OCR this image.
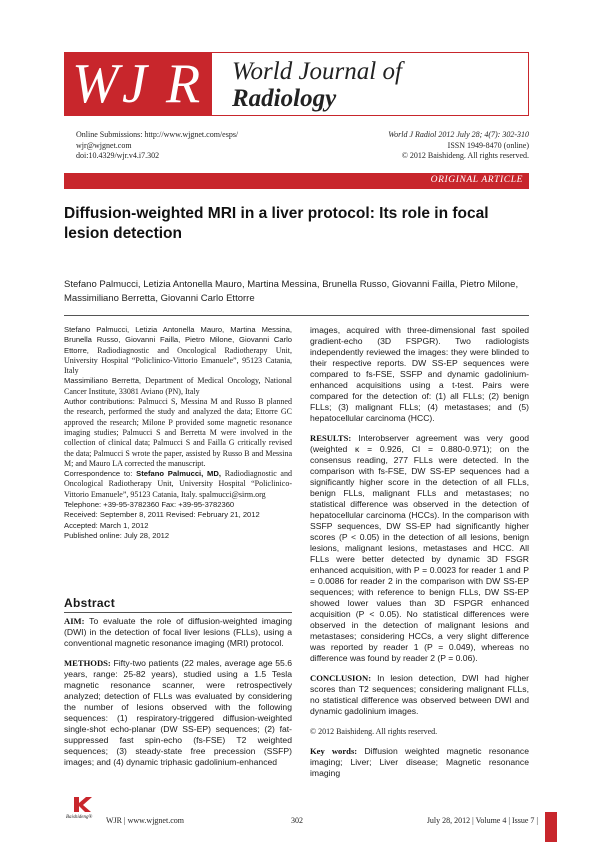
W J R World Journal of
Radiology
Online Submissions: http://www.wjgnet.com/esps/
wjr@wjgnet.com
doi:10.4329/wjr.v4.i7.302
World J Radiol 2012 July 28; 4(7): 302-310
ISSN 1949-8470 (online)
© 2012 Baishideng. All rights reserved.
ORIGINAL ARTICLE
Diffusion-weighted MRI in a liver protocol: Its role in focal lesion detection
Stefano Palmucci, Letizia Antonella Mauro, Martina Messina, Brunella Russo, Giovanni Failla, Pietro Milone, Massimiliano Berretta, Giovanni Carlo Ettorre
Stefano Palmucci, Letizia Antonella Mauro, Martina Messina, Brunella Russo, Giovanni Failla, Pietro Milone, Giovanni Carlo Ettorre, Radiodiagnostic and Oncological Radiotherapy Unit, University Hospital “Policlinico-Vittorio Emanuele”, 95123 Catania, Italy
Massimiliano Berretta, Department of Medical Oncology, National Cancer Institute, 33081 Aviano (PN), Italy
Author contributions: Palmucci S, Messina M and Russo B planned the research, performed the study and analyzed the data; Ettorre GC approved the research; Milone P provided some magnetic resonance imaging studies; Palmucci S and Berretta M were involved in the collection of clinical data; Palmucci S and Failla G critically revised the data; Palmucci S wrote the paper, assisted by Russo B and Messina M; and Mauro LA corrected the manuscript.
Correspondence to: Stefano Palmucci, MD, Radiodiagnostic and Oncological Radiotherapy Unit, University Hospital “Policlinico-Vittorio Emanuele”, 95123 Catania, Italy. spalmucci@sirm.org
Telephone: +39-95-3782360 Fax: +39-95-3782360
Received: September 8, 2011 Revised: February 21, 2012
Accepted: March 1, 2012
Published online: July 28, 2012
Abstract
AIM: To evaluate the role of diffusion-weighted imaging (DWI) in the detection of focal liver lesions (FLLs), using a conventional magnetic resonance imaging (MRI) protocol.
METHODS: Fifty-two patients (22 males, average age 55.6 years, range: 25-82 years), studied using a 1.5 Tesla magnetic resonance scanner, were retrospectively analyzed; detection of FLLs was evaluated by considering the number of lesions observed with the following sequences: (1) respiratory-triggered diffusion-weighted single-shot echo-planar (DW SS-EP) sequences; (2) fat-suppressed fast spin-echo (fs-FSE) T2 weighted sequences; (3) steady-state free precession (SSFP) images; and (4) dynamic triphasic gadolinium-enhanced
images, acquired with three-dimensional fast spoiled gradient-echo (3D FSPGR). Two radiologists independently reviewed the images: they were blinded to their respective reports. DW SS-EP sequences were compared to fs-FSE, SSFP and dynamic gadolinium-enhanced acquisitions using a t-test. Pairs were compared for the detection of: (1) all FLLs; (2) benign FLLs; (3) malignant FLLs; (4) metastases; and (5) hepatocellular carcinoma (HCC).
RESULTS: Interobserver agreement was very good (weighted κ = 0.926, CI = 0.880-0.971); on the consensus reading, 277 FLLs were detected. In the comparison with fs-FSE, DW SS-EP sequences had a significantly higher score in the detection of all FLLs, benign FLLs, malignant FLLs and metastases; no statistical difference was observed in the detection of hepatocellular carcinoma (HCCs). In the comparison with SSFP sequences, DW SS-EP had significantly higher scores (P < 0.05) in the detection of all lesions, benign lesions, malignant lesions, metastases and HCC. All FLLs were better detected by dynamic 3D FSGR enhanced acquisition, with P = 0.0023 for reader 1 and P = 0.0086 for reader 2 in the comparison with DW SS-EP sequences; with reference to benign FLLs, DW SS-EP showed lower values than 3D FSPGR enhanced acquisition (P < 0.05). No statistical differences were observed in the detection of malignant lesions and metastases; considering HCCs, a very slight difference was reported by reader 1 (P = 0.049), whereas no difference was found by reader 2 (P = 0.06).
CONCLUSION: In lesion detection, DWI had higher scores than T2 sequences; considering malignant FLLs, no statistical difference was observed between DWI and dynamic gadolinium images.
© 2012 Baishideng. All rights reserved.
Key words: Diffusion weighted magnetic resonance imaging; Liver; Liver disease; Magnetic resonance imaging
Baishideng®	WJR | www.wjgnet.com	302	July 28, 2012 | Volume 4 | Issue 7 |
